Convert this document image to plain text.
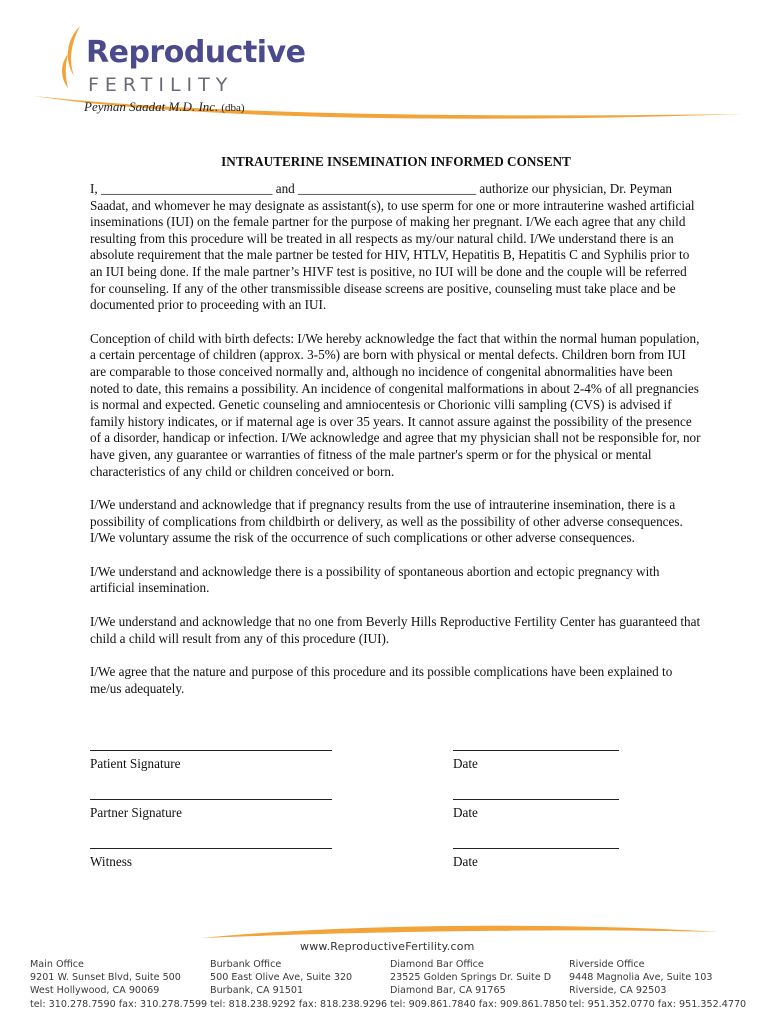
Reproductive
FERTILITY
Peyman Saadat M.D. Inc. (dba)
INTRAUTERINE INSEMINATION INFORMED CONSENT

I, __________________________ and ___________________________ authorize our physician, Dr. Peyman Saadat, and whomever he may designate as assistant(s), to use sperm for one or more intrauterine washed artificial inseminations (IUI) on the female partner for the purpose of making her pregnant. I/We each agree that any child resulting from this procedure will be treated in all respects as my/our natural child. I/We understand there is an absolute requirement that the male partner be tested for HIV, HTLV, Hepatitis B, Hepatitis C and Syphilis prior to an IUI being done. If the male partner’s HIVF test is positive, no IUI will be done and the couple will be referred for counseling. If any of the other transmissible disease screens are positive, counseling must take place and be documented prior to proceeding with an IUI.

Conception of child with birth defects: I/We hereby acknowledge the fact that within the normal human population, a certain percentage of children (approx. 3-5%) are born with physical or mental defects. Children born from IUI are comparable to those conceived normally and, although no incidence of congenital abnormalities have been noted to date, this remains a possibility. An incidence of congenital malformations in about 2-4% of all pregnancies is normal and expected. Genetic counseling and amniocentesis or Chorionic villi sampling (CVS) is advised if family history indicates, or if maternal age is over 35 years. It cannot assure against the possibility of the presence of a disorder, handicap or infection. I/We acknowledge and agree that my physician shall not be responsible for, nor have given, any guarantee or warranties of fitness of the male partner's sperm or for the physical or mental characteristics of any child or children conceived or born.

I/We understand and acknowledge that if pregnancy results from the use of intrauterine insemination, there is a possibility of complications from childbirth or delivery, as well as the possibility of other adverse consequences. I/We voluntary assume the risk of the occurrence of such complications or other adverse consequences.

I/We understand and acknowledge there is a possibility of spontaneous abortion and ectopic pregnancy with artificial insemination.

I/We understand and acknowledge that no one from Beverly Hills Reproductive Fertility Center has guaranteed that child a child will result from any of this procedure (IUI).

I/We agree that the nature and purpose of this procedure and its possible complications have been explained to me/us adequately.

Patient Signature	Date
Partner Signature	Date
Witness	Date
www.ReproductiveFertility.com
Main Office
9201 W. Sunset Blvd, Suite 500
West Hollywood, CA 90069
tel: 310.278.7590 fax: 310.278.7599
Burbank Office
500 East Olive Ave, Suite 320
Burbank, CA 91501
tel: 818.238.9292 fax: 818.238.9296
Diamond Bar Office
23525 Golden Springs Dr. Suite D
Diamond Bar, CA 91765
tel: 909.861.7840 fax: 909.861.7850
Riverside Office
9448 Magnolia Ave, Suite 103
Riverside, CA 92503
tel: 951.352.0770 fax: 951.352.4770
